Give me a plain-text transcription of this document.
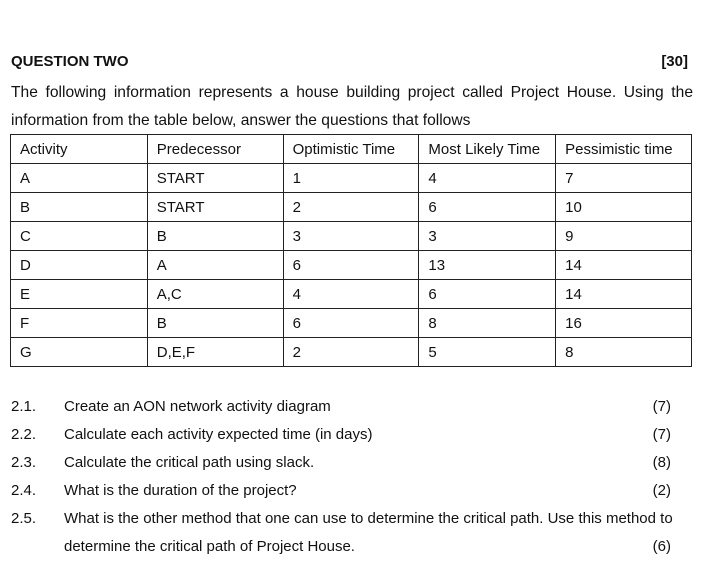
QUESTION TWO	[30]
The following information represents a house building project called Project House. Using the information from the table below, answer the questions that follows
Activity	Predecessor	Optimistic Time	Most Likely Time	Pessimistic time
A	START	1	4	7
B	START	2	6	10
C	B	3	3	9
D	A	6	13	14
E	A,C	4	6	14
F	B	6	8	16
G	D,E,F	2	5	8
2.1. Create an AON network activity diagram	(7)
2.2. Calculate each activity expected time (in days)	(7)
2.3. Calculate the critical path using slack.	(8)
2.4. What is the duration of the project?	(2)
2.5. What is the other method that one can use to determine the critical path. Use this method to determine the critical path of Project House.	(6)
